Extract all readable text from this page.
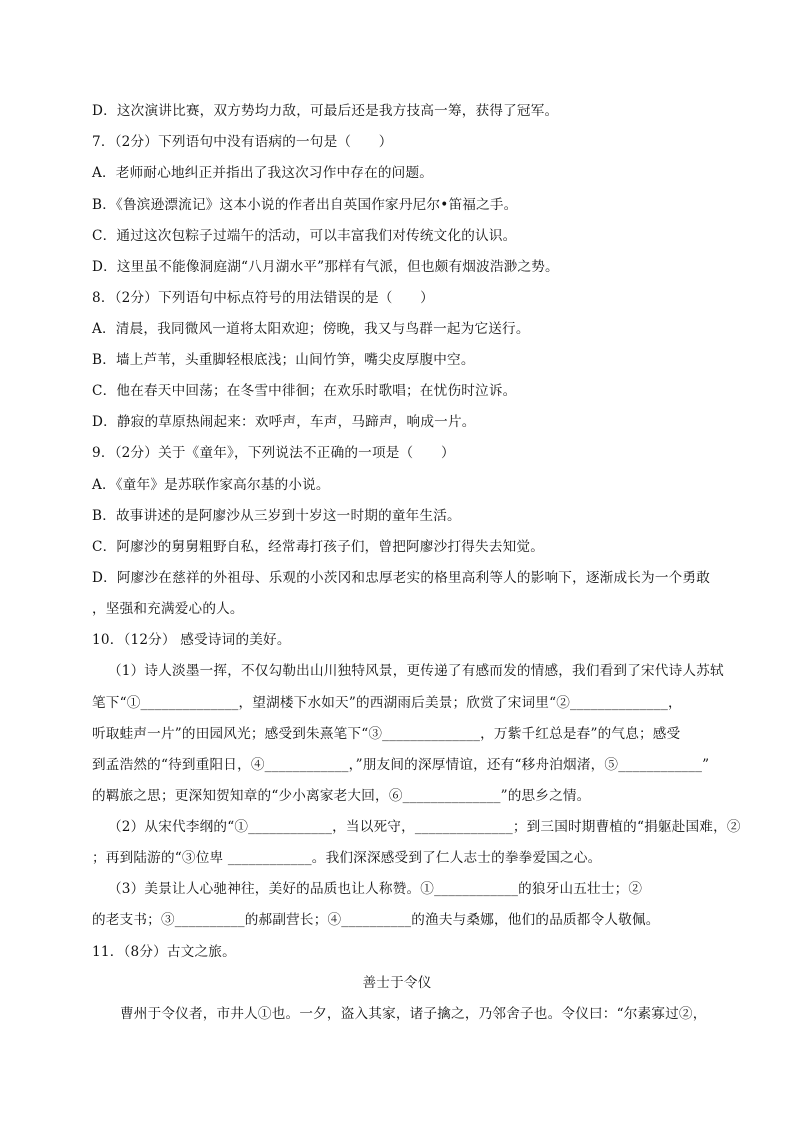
D．这次演讲比赛，双方势均力敌，可最后还是我方技高一筹，获得了冠军。
7．（2分）下列语句中没有语病的一句是（　　）
A．老师耐心地纠正并指出了我这次习作中存在的问题。
B．《鲁滨逊漂流记》这本小说的作者出自英国作家丹尼尔•笛福之手。
C．通过这次包粽子过端午的活动，可以丰富我们对传统文化的认识。
D．这里虽不能像洞庭湖“八月湖水平”那样有气派，但也颇有烟波浩渺之势。
8．（2分）下列语句中标点符号的用法错误的是（　　）
A．清晨，我同微风一道将太阳欢迎；傍晚，我又与鸟群一起为它送行。
B．墙上芦苇，头重脚轻根底浅；山间竹笋，嘴尖皮厚腹中空。
C．他在春天中回荡；在冬雪中徘徊；在欢乐时歌唱；在忧伤时泣诉。
D．静寂的草原热闹起来：欢呼声，车声，马蹄声，响成一片。
9．（2分）关于《童年》，下列说法不正确的一项是（　　）
A．《童年》是苏联作家高尔基的小说。
B．故事讲述的是阿廖沙从三岁到十岁这一时期的童年生活。
C．阿廖沙的舅舅粗野自私，经常毒打孩子们，曾把阿廖沙打得失去知觉。
D．阿廖沙在慈祥的外祖母、乐观的小茨冈和忠厚老实的格里高利等人的影响下，逐渐成长为一个勇敢
，坚强和充满爱心的人。
10．（12分） 感受诗词的美好。
（1）诗人淡墨一挥，不仅勾勒出山川独特风景，更传递了有感而发的情感，我们看到了宋代诗人苏轼
笔下“①______________，望湖楼下水如天”的西湖雨后美景；欣赏了宋词里“②______________，
听取蛙声一片”的田园风光；感受到朱熹笔下“③______________，万紫千红总是春”的气息；感受
到孟浩然的“待到重阳日，④____________，”朋友间的深厚情谊，还有“移舟泊烟渚，⑤____________”
的羁旅之思；更深知贺知章的“少小离家老大回，⑥______________”的思乡之情。
（2）从宋代李纲的“①____________，当以死守，______________；到三国时期曹植的“捐躯赴国难，②
；再到陆游的“③位卑 ____________。我们深深感受到了仁人志士的拳拳爱国之心。
（3）美景让人心驰神往，美好的品质也让人称赞。①____________的狼牙山五壮士；②
的老支书；③__________的郝副营长；④__________的渔夫与桑娜，他们的品质都令人敬佩。
11．（8分）古文之旅。
善士于令仪
曹州于令仪者，市井人①也。一夕，盗入其家，诸子擒之，乃邻舍子也。令仪曰：“尔素寡过②，
